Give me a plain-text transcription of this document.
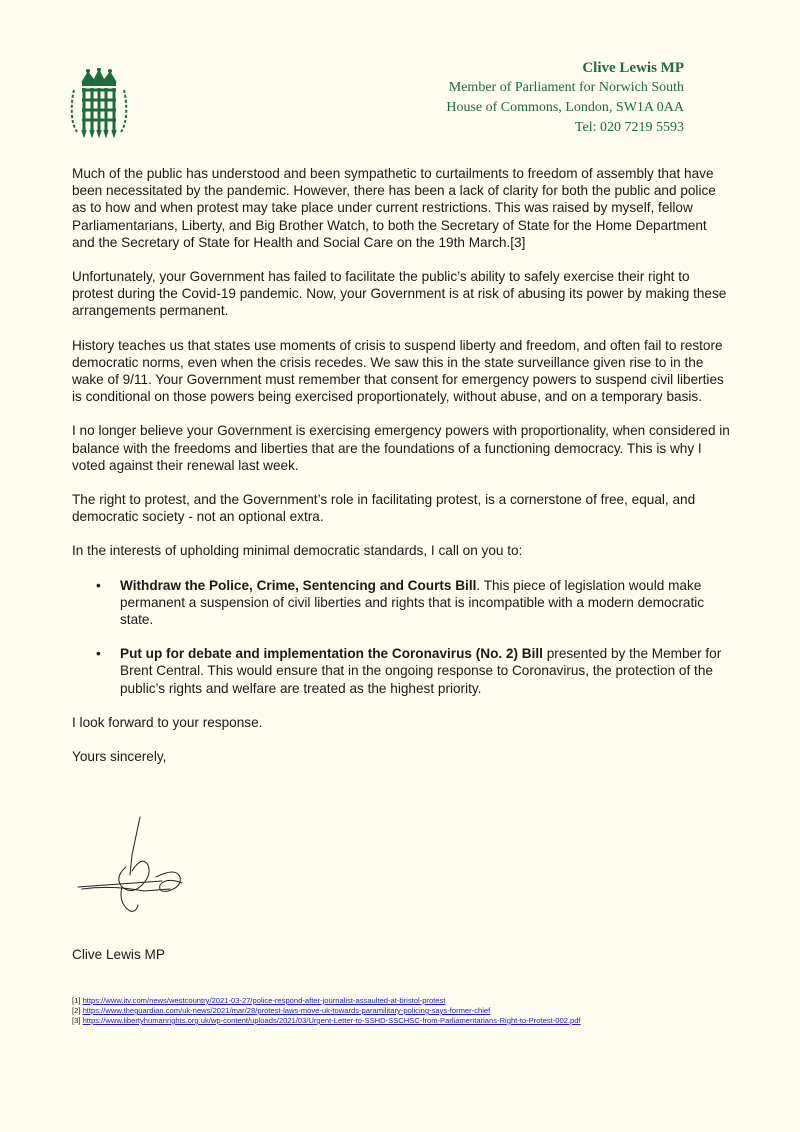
Clive Lewis MP
Member of Parliament for Norwich South
House of Commons, London, SW1A 0AA
Tel: 020 7219 5593

Much of the public has understood and been sympathetic to curtailments to freedom of assembly that have been necessitated by the pandemic. However, there has been a lack of clarity for both the public and police as to how and when protest may take place under current restrictions. This was raised by myself, fellow Parliamentarians, Liberty, and Big Brother Watch, to both the Secretary of State for the Home Department and the Secretary of State for Health and Social Care on the 19th March.[3]

Unfortunately, your Government has failed to facilitate the public’s ability to safely exercise their right to protest during the Covid-19 pandemic. Now, your Government is at risk of abusing its power by making these arrangements permanent.

History teaches us that states use moments of crisis to suspend liberty and freedom, and often fail to restore democratic norms, even when the crisis recedes. We saw this in the state surveillance given rise to in the wake of 9/11. Your Government must remember that consent for emergency powers to suspend civil liberties is conditional on those powers being exercised proportionately, without abuse, and on a temporary basis.

I no longer believe your Government is exercising emergency powers with proportionality, when considered in balance with the freedoms and liberties that are the foundations of a functioning democracy. This is why I voted against their renewal last week.

The right to protest, and the Government’s role in facilitating protest, is a cornerstone of free, equal, and democratic society - not an optional extra.

In the interests of upholding minimal democratic standards, I call on you to:

• Withdraw the Police, Crime, Sentencing and Courts Bill. This piece of legislation would make permanent a suspension of civil liberties and rights that is incompatible with a modern democratic state.
• Put up for debate and implementation the Coronavirus (No. 2) Bill presented by the Member for Brent Central. This would ensure that in the ongoing response to Coronavirus, the protection of the public’s rights and welfare are treated as the highest priority.

I look forward to your response.

Yours sincerely,

Clive Lewis MP
[1] https://www.itv.com/news/westcountry/2021-03-27/police-respond-after-journalist-assaulted-at-bristol-protest
[2] https://www.theguardian.com/uk-news/2021/mar/28/protest-laws-move-uk-towards-paramilitary-policing-says-former-chief
[3] https://www.libertyhumanrights.org.uk/wp-content/uploads/2021/03/Urgent-Letter-to-SSHD-SSCHSC-from-Parliamentarians-Right-to-Protest-002.pdf
